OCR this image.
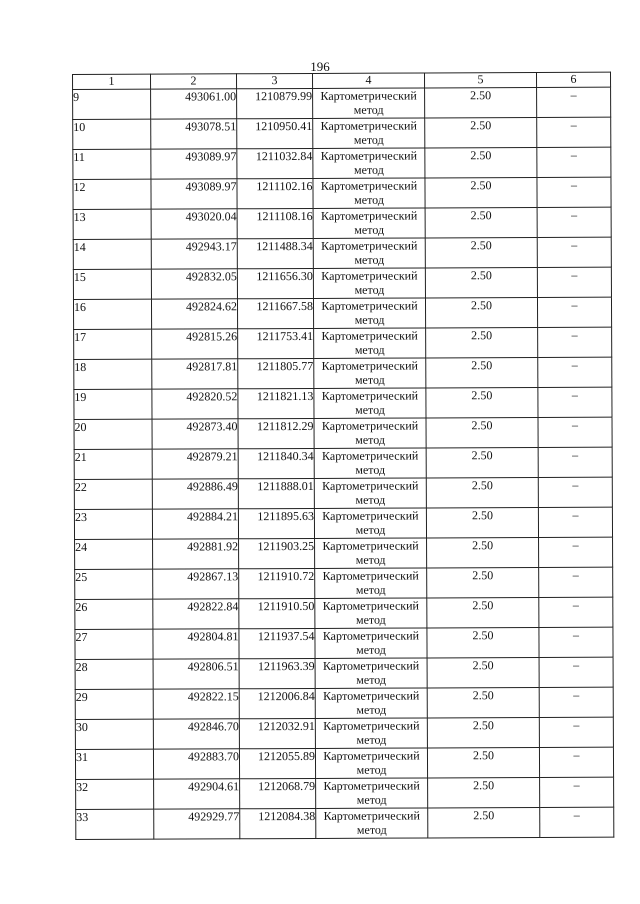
196
1	2	3	4	5	6
9	493061.00	1210879.99	Картометрический
метод	2.50	–
10	493078.51	1210950.41	Картометрический
метод	2.50	–
11	493089.97	1211032.84	Картометрический
метод	2.50	–
12	493089.97	1211102.16	Картометрический
метод	2.50	–
13	493020.04	1211108.16	Картометрический
метод	2.50	–
14	492943.17	1211488.34	Картометрический
метод	2.50	–
15	492832.05	1211656.30	Картометрический
метод	2.50	–
16	492824.62	1211667.58	Картометрический
метод	2.50	–
17	492815.26	1211753.41	Картометрический
метод	2.50	–
18	492817.81	1211805.77	Картометрический
метод	2.50	–
19	492820.52	1211821.13	Картометрический
метод	2.50	–
20	492873.40	1211812.29	Картометрический
метод	2.50	–
21	492879.21	1211840.34	Картометрический
метод	2.50	–
22	492886.49	1211888.01	Картометрический
метод	2.50	–
23	492884.21	1211895.63	Картометрический
метод	2.50	–
24	492881.92	1211903.25	Картометрический
метод	2.50	–
25	492867.13	1211910.72	Картометрический
метод	2.50	–
26	492822.84	1211910.50	Картометрический
метод	2.50	–
27	492804.81	1211937.54	Картометрический
метод	2.50	–
28	492806.51	1211963.39	Картометрический
метод	2.50	–
29	492822.15	1212006.84	Картометрический
метод	2.50	–
30	492846.70	1212032.91	Картометрический
метод	2.50	–
31	492883.70	1212055.89	Картометрический
метод	2.50	–
32	492904.61	1212068.79	Картометрический
метод	2.50	–
33	492929.77	1212084.38	Картометрический
метод	2.50	–
